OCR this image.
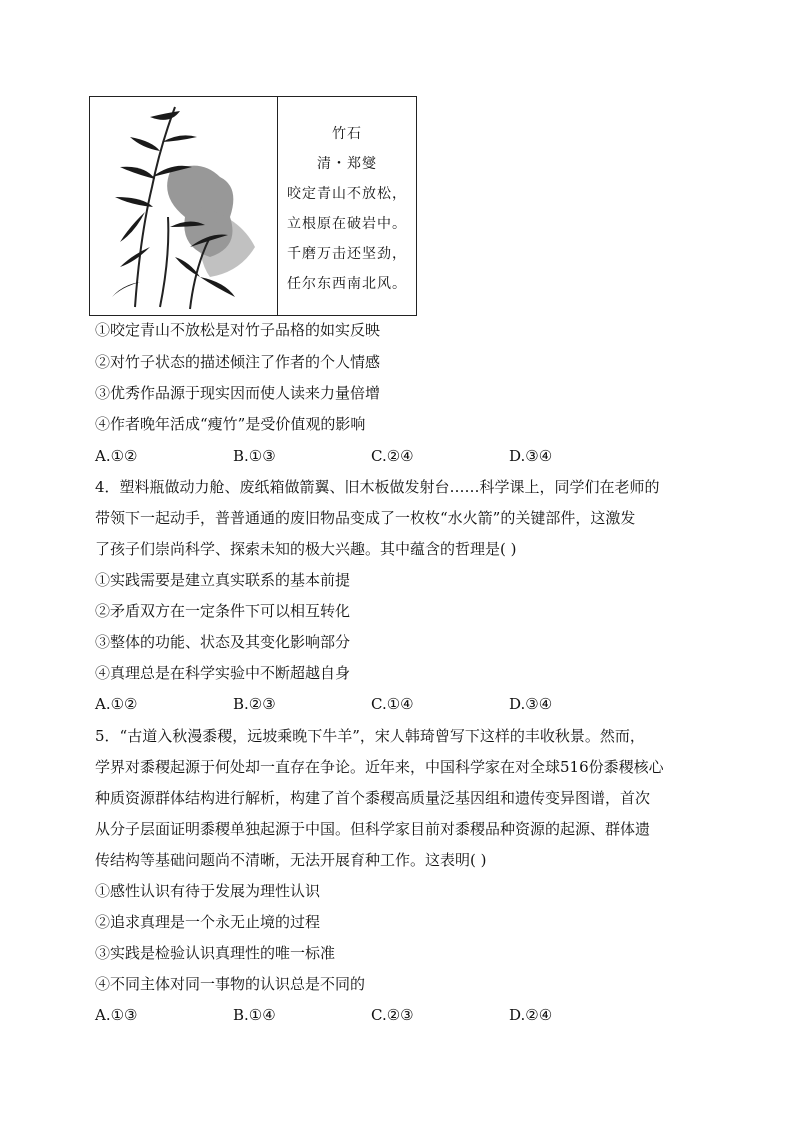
竹石
清・郑燮
咬定青山不放松，
立根原在破岩中。
千磨万击还坚劲，
任尔东西南北风。
①咬定青山不放松是对竹子品格的如实反映
②对竹子状态的描述倾注了作者的个人情感
③优秀作品源于现实因而使人读来力量倍增
④作者晚年活成“瘦竹”是受价值观的影响
A.①②	B.①③	C.②④	D.③④
4．塑料瓶做动力舱、废纸箱做箭翼、旧木板做发射台……科学课上，同学们在老师的
带领下一起动手，普普通通的废旧物品变成了一枚枚“水火箭”的关键部件，这激发
了孩子们崇尚科学、探索未知的极大兴趣。其中蕴含的哲理是( )
①实践需要是建立真实联系的基本前提
②矛盾双方在一定条件下可以相互转化
③整体的功能、状态及其变化影响部分
④真理总是在科学实验中不断超越自身
A.①②	B.②③	C.①④	D.③④
5．“古道入秋漫黍稷，远坡乘晚下牛羊”，宋人韩琦曾写下这样的丰收秋景。然而，
学界对黍稷起源于何处却一直存在争论。近年来，中国科学家在对全球516份黍稷核心
种质资源群体结构进行解析，构建了首个黍稷高质量泛基因组和遗传变异图谱，首次
从分子层面证明黍稷单独起源于中国。但科学家目前对黍稷品种资源的起源、群体遗
传结构等基础问题尚不清晰，无法开展育种工作。这表明( )
①感性认识有待于发展为理性认识
②追求真理是一个永无止境的过程
③实践是检验认识真理性的唯一标准
④不同主体对同一事物的认识总是不同的
A.①③	B.①④	C.②③	D.②④
